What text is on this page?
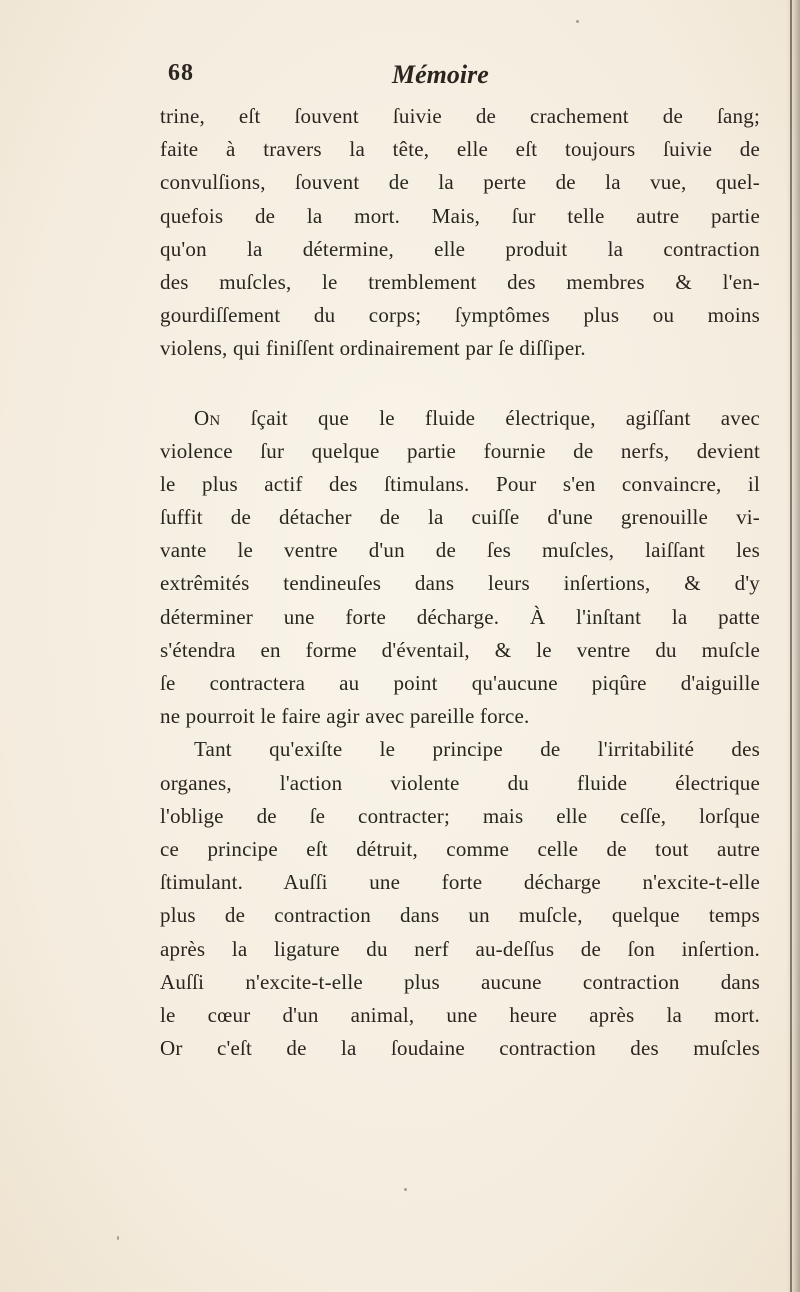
68	Mémoire
trine, eſt ſouvent ſuivie de crachement de ſang;
faite à travers la tête, elle eſt toujours ſuivie de
convulſions, ſouvent de la perte de la vue, quel-
quefois de la mort. Mais, ſur telle autre partie
qu'on la détermine, elle produit la contraction
des muſcles, le tremblement des membres & l'en-
gourdiſſement du corps; ſymptômes plus ou moins
violens, qui finiſſent ordinairement par ſe diſſiper.
On ſçait que le fluide électrique, agiſſant avec
violence ſur quelque partie fournie de nerfs, devient
le plus actif des ſtimulans. Pour s'en convaincre, il
ſuffit de détacher de la cuiſſe d'une grenouille vi-
vante le ventre d'un de ſes muſcles, laiſſant les
extrêmités tendineuſes dans leurs inſertions, & d'y
déterminer une forte décharge. À l'inſtant la patte
s'étendra en forme d'éventail, & le ventre du muſcle
ſe contractera au point qu'aucune piqûre d'aiguille
ne pourroit le faire agir avec pareille force.
Tant qu'exiſte le principe de l'irritabilité des
organes, l'action violente du fluide électrique
l'oblige de ſe contracter; mais elle ceſſe, lorſque
ce principe eſt détruit, comme celle de tout autre
ſtimulant. Auſſi une forte décharge n'excite-t-elle
plus de contraction dans un muſcle, quelque temps
après la ligature du nerf au-deſſus de ſon inſertion.
Auſſi n'excite-t-elle plus aucune contraction dans
le cœur d'un animal, une heure après la mort.
Or c'eſt de la ſoudaine contraction des muſcles
